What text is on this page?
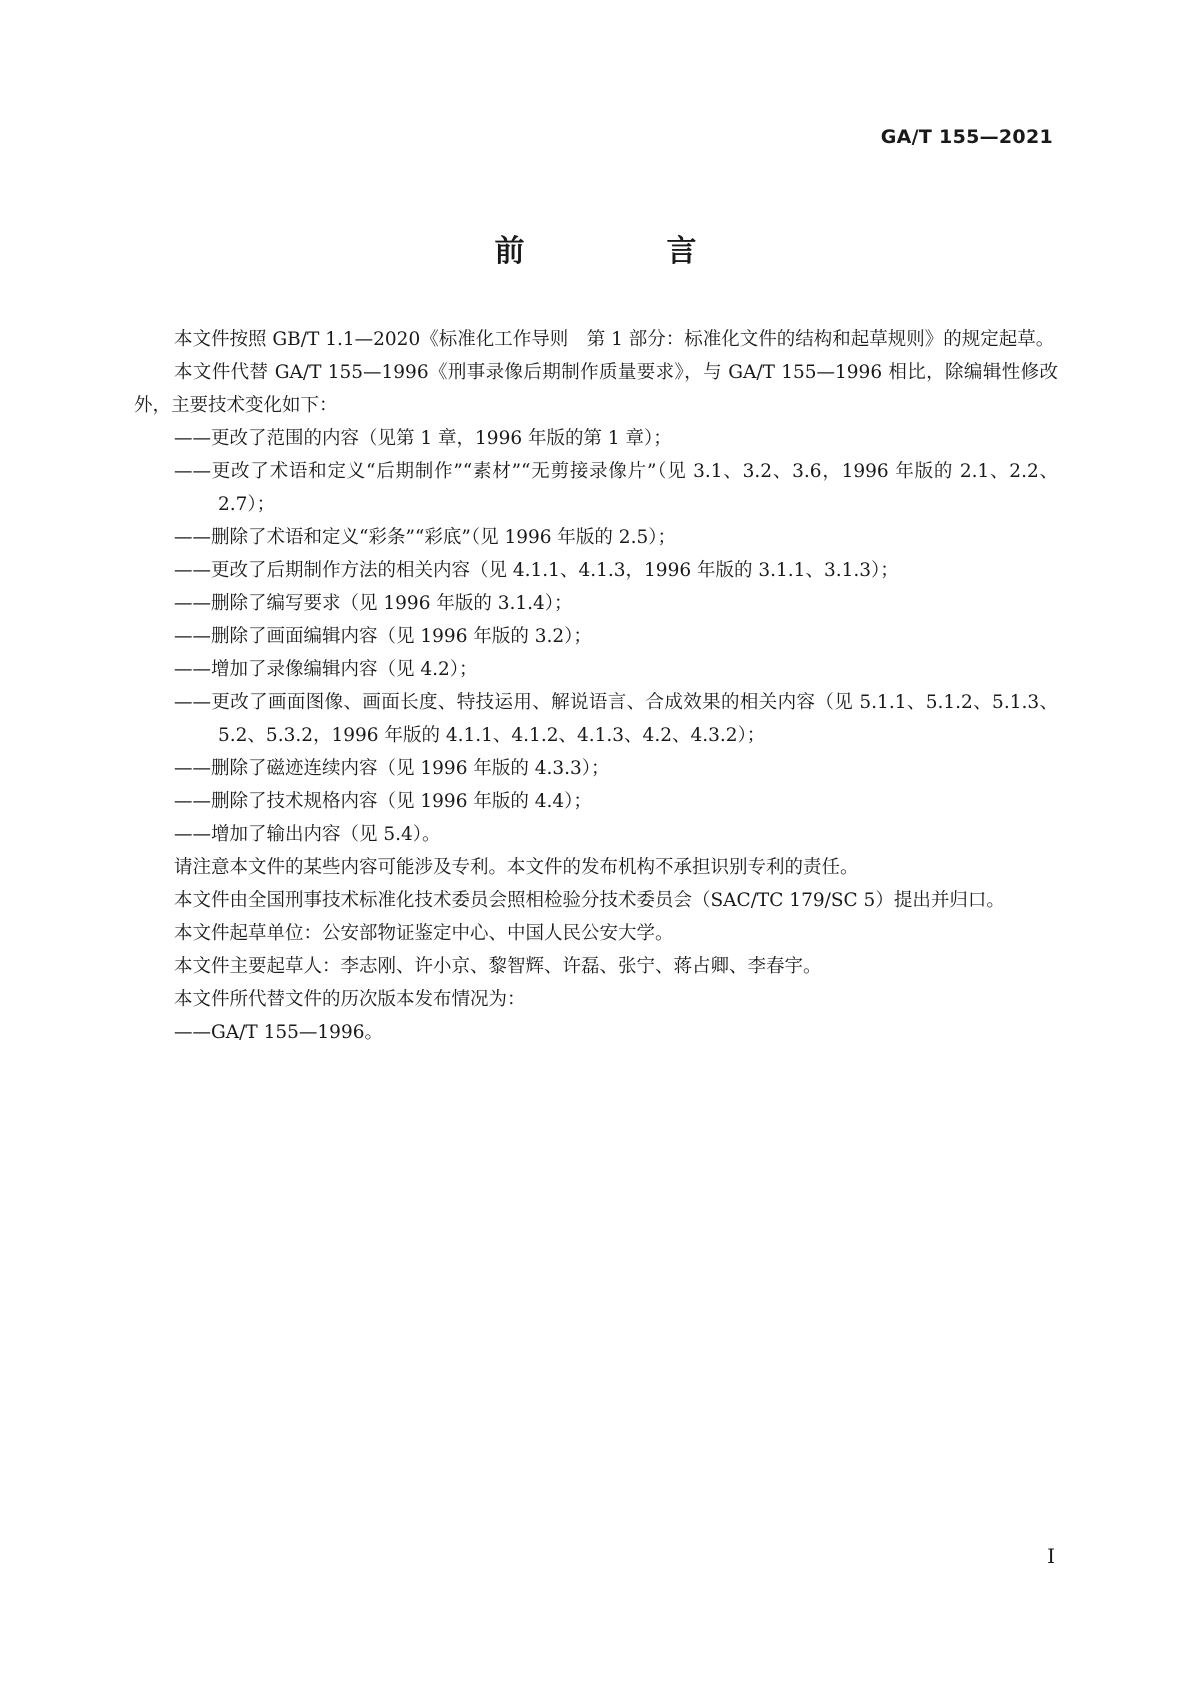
GA/T 155—2021
前　言

本文件按照 GB/T 1.1—2020《标准化工作导则　第 1 部分：标准化文件的结构和起草规则》的规定起草。

本文件代替 GA/T 155—1996《刑事录像后期制作质量要求》，与 GA/T 155—1996 相比，除编辑性修改外，主要技术变化如下：

——更改了范围的内容（见第 1 章，1996 年版的第 1 章）；

——更改了术语和定义“后期制作”“素材”“无剪接录像片”（见 3.1、3.2、3.6，1996 年版的 2.1、2.2、2.7）；

——删除了术语和定义“彩条”“彩底”（见 1996 年版的 2.5）；

——更改了后期制作方法的相关内容（见 4.1.1、4.1.3，1996 年版的 3.1.1、3.1.3）；

——删除了编写要求（见 1996 年版的 3.1.4）；

——删除了画面编辑内容（见 1996 年版的 3.2）；

——增加了录像编辑内容（见 4.2）；

——更改了画面图像、画面长度、特技运用、解说语言、合成效果的相关内容（见 5.1.1、5.1.2、5.1.3、5.2、5.3.2，1996 年版的 4.1.1、4.1.2、4.1.3、4.2、4.3.2）；

——删除了磁迹连续内容（见 1996 年版的 4.3.3）；

——删除了技术规格内容（见 1996 年版的 4.4）；

——增加了输出内容（见 5.4）。

请注意本文件的某些内容可能涉及专利。本文件的发布机构不承担识别专利的责任。

本文件由全国刑事技术标准化技术委员会照相检验分技术委员会（SAC/TC 179/SC 5）提出并归口。

本文件起草单位：公安部物证鉴定中心、中国人民公安大学。

本文件主要起草人：李志刚、许小京、黎智辉、许磊、张宁、蒋占卿、李春宇。

本文件所代替文件的历次版本发布情况为：

——GA/T 155—1996。

I
